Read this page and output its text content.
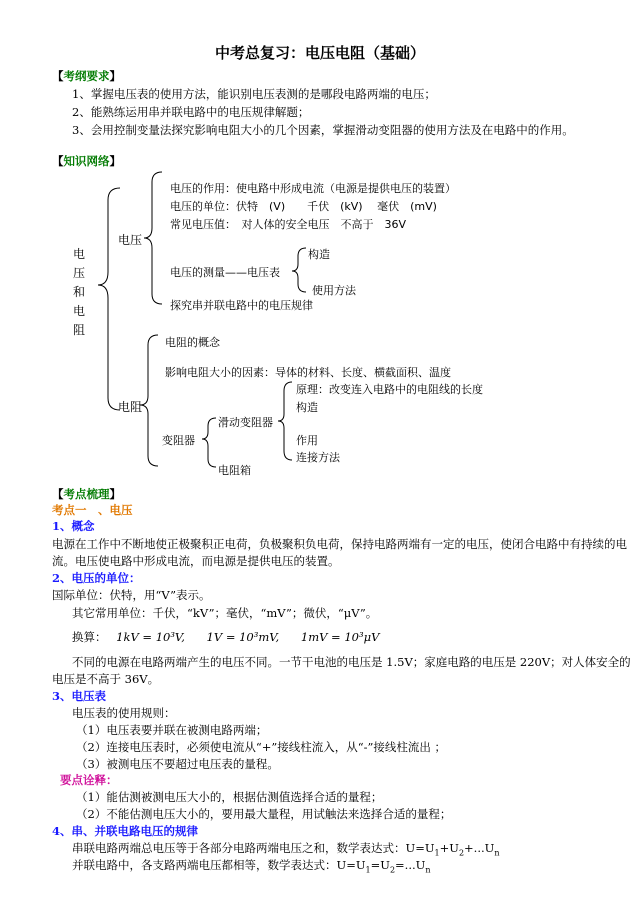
中考总复习：电压电阻（基础）
【考纲要求】
1、掌握电压表的使用方法，能识别电压表测的是哪段电路两端的电压；
2、能熟练运用串并联电路中的电压规律解题；
3、会用控制变量法探究影响电阻大小的几个因素，掌握滑动变阻器的使用方法及在电路中的作用。
【知识网络】
电压和电阻
电压
电压的作用：使电路中形成电流（电源是提供电压的装置）
电压的单位：伏特　(V)　　千伏　(kV)　 毫伏　(mV)
常见电压值：　对人体的安全电压　不高于　36V
电压的测量——电压表
构造
使用方法
探究串并联电路中的电压规律
电阻
电阻的概念
影响电阻大小的因素：导体的材料、长度、横截面积、温度
变阻器
滑动变阻器
原理：改变连入电路中的电阻线的长度
构造
作用
连接方法
电阻箱
【考点梳理】
考点一　、电压
1、概念
电源在工作中不断地使正极聚积正电荷，负极聚积负电荷，保持电路两端有一定的电压，使闭合电路中有持续的电
流。电压使电路中形成电流，而电源是提供电压的装置。
2、电压的单位：
国际单位：伏特，用“V”表示。
其它常用单位：千伏，“kV”；毫伏，“mV”；微伏，“μV”。
换算： 1kV = 10³V, 1V = 10³mV, 1mV = 10³μV
不同的电源在电路两端产生的电压不同。一节干电池的电压是 1.5V；家庭电路的电压是 220V；对人体安全的
电压是不高于 36V。
3、电压表
电压表的使用规则：
（1）电压表要并联在被测电路两端；
（2）连接电压表时，必须使电流从“+”接线柱流入，从“-”接线柱流出 ；
（3）被测电压不要超过电压表的量程。
要点诠释：
（1）能估测被测电压大小的，根据估测值选择合适的量程；
（2）不能估测电压大小的，要用最大量程，用试触法来选择合适的量程；
4、串、并联电路电压的规律
串联电路两端总电压等于各部分电路两端电压之和，数学表达式：$U=U_1+U_2+...U_n$
并联电路中，各支路两端电压都相等，数学表达式：$U=U_1=U_2=...U_n$
